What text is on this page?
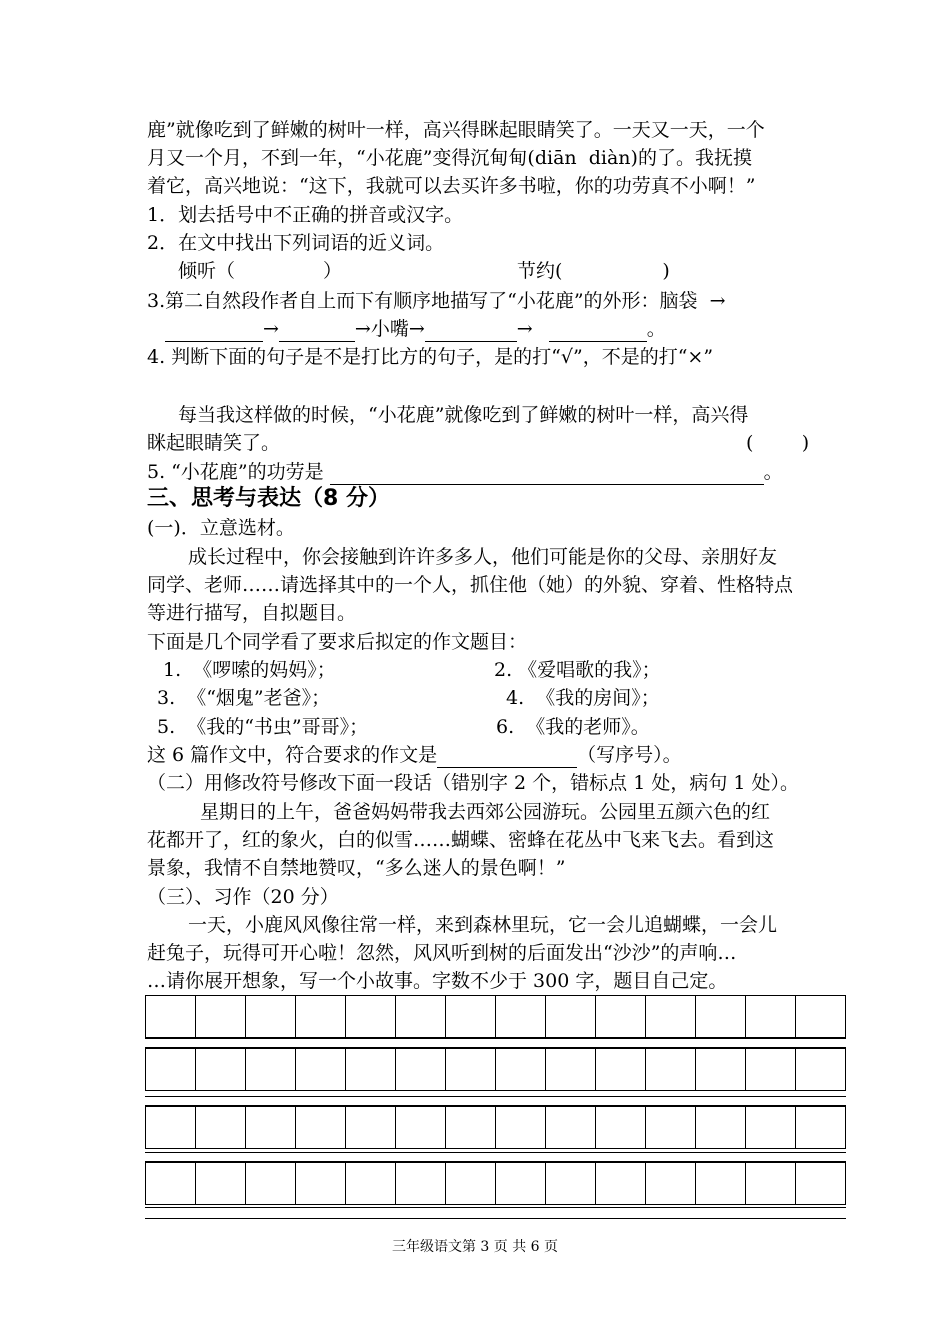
鹿”就像吃到了鲜嫩的树叶一样，高兴得眯起眼睛笑了。一天又一天，一个
月又一个月，不到一年，“小花鹿”变得沉甸甸(diān  diàn)的了。我抚摸
着它，高兴地说：“这下，我就可以去买许多书啦，你的功劳真不小啊！”
1．划去括号中不正确的拼音或汉字。
2．在文中找出下列词语的近义词。
倾听（	）	节约(	)
3.第二自然段作者自上而下有顺序地描写了“小花鹿”的外形：脑袋  →
→	→小嘴→	→	。
4. 判断下面的句子是不是打比方的句子，是的打“√”，不是的打“×”
每当我这样做的时候，“小花鹿”就像吃到了鲜嫩的树叶一样，高兴得
眯起眼睛笑了。	(        )
5. “小花鹿”的功劳是	。
三、思考与表达（8 分）
(一)．立意选材。
成长过程中，你会接触到许许多多人，他们可能是你的父母、亲朋好友
同学、老师……请选择其中的一个人，抓住他（她）的外貌、穿着、性格特点
等进行描写，自拟题目。
下面是几个同学看了要求后拟定的作文题目：
1.  《啰嗦的妈妈》；	2. 《爱唱歌的我》；
3.  《“烟鬼”老爸》；	4.  《我的房间》；
5.  《我的“书虫”哥哥》；	6.  《我的老师》。
这 6 篇作文中，符合要求的作文是	（写序号）。
（二）用修改符号修改下面一段话（错别字 2 个，错标点 1 处，病句 1 处）。
星期日的上午，爸爸妈妈带我去西郊公园游玩。公园里五颜六色的红
花都开了，红的象火，白的似雪……蝴蝶、密蜂在花丛中飞来飞去。看到这
景象，我情不自禁地赞叹，“多么迷人的景色啊！”
（三）、习作（20 分）
一天，小鹿风风像往常一样，来到森林里玩，它一会儿追蝴蝶，一会儿
赶兔子，玩得可开心啦！忽然，风风听到树的后面发出“沙沙”的声响…
…请你展开想象，写一个小故事。字数不少于 300 字，题目自己定。

三年级语文第 3 页 共 6 页
